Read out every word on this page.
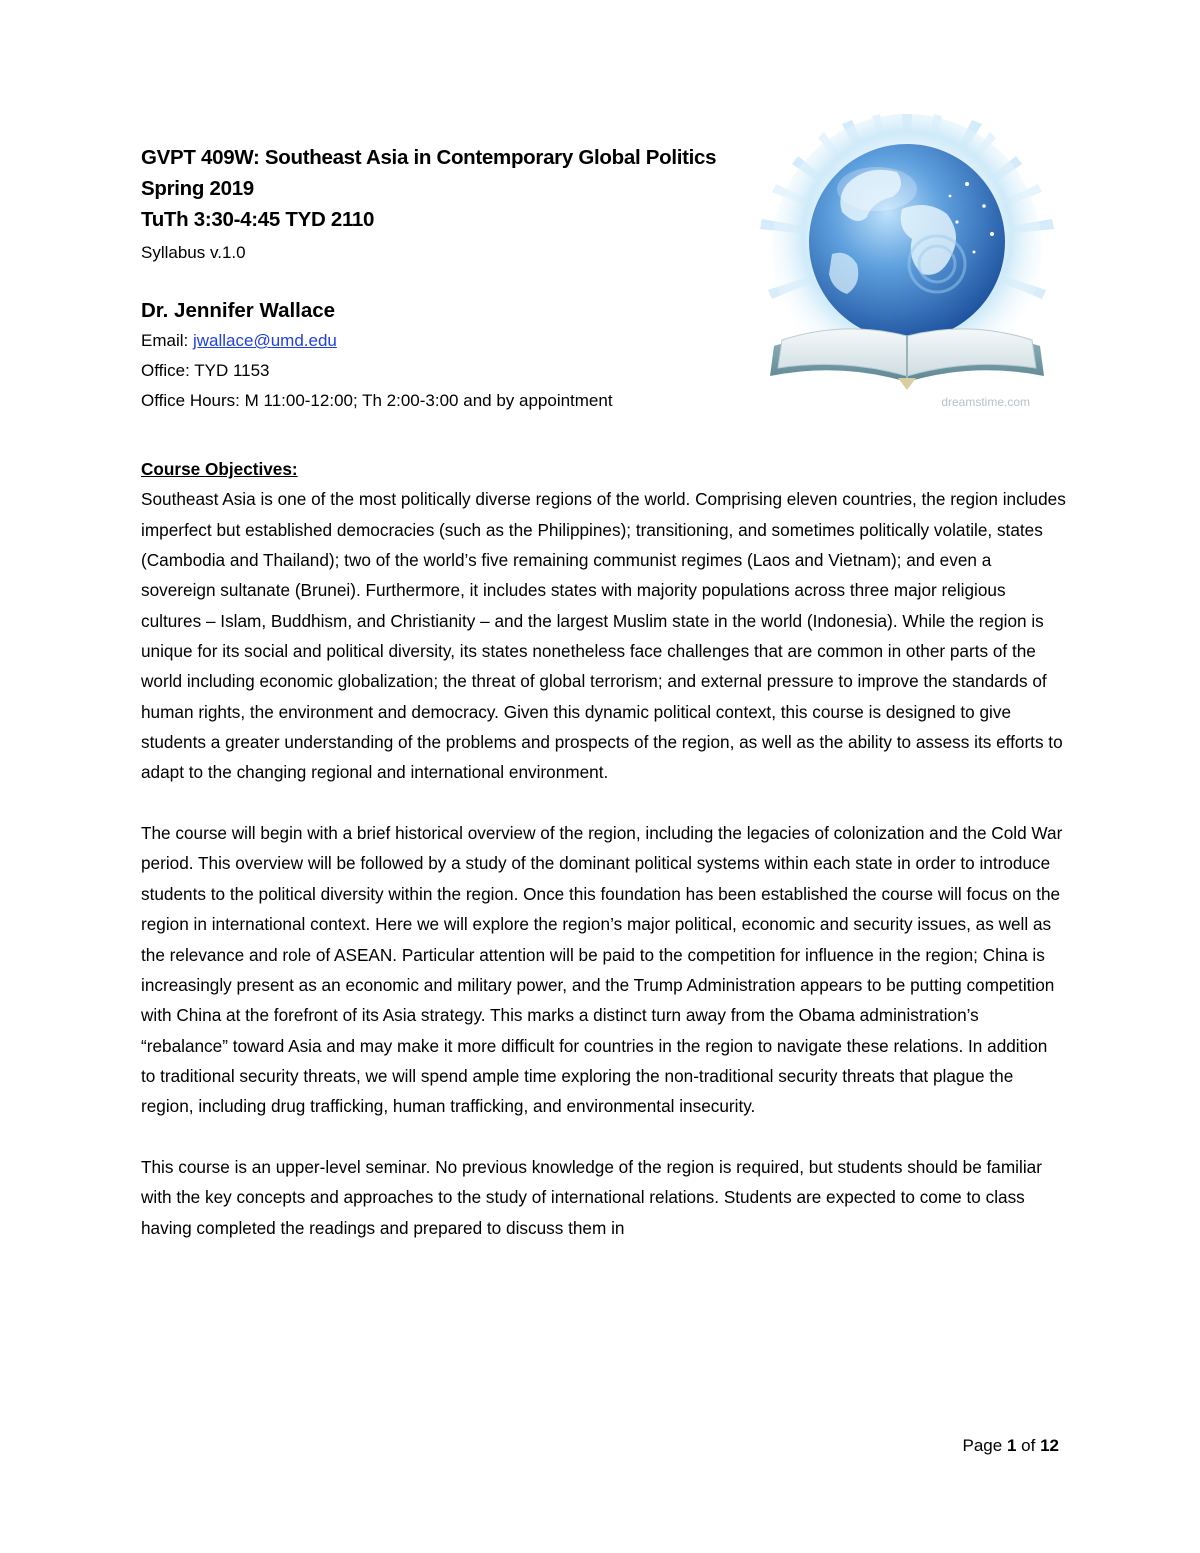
GVPT 409W: Southeast Asia in Contemporary Global Politics
Spring 2019
TuTh 3:30-4:45 TYD 2110
Syllabus v.1.0
Dr. Jennifer Wallace
Email: jwallace@umd.edu
Office: TYD 1153
Office Hours: M 11:00-12:00; Th 2:00-3:00 and by appointment	dreamstime.com
Course Objectives:

Southeast Asia is one of the most politically diverse regions of the world. Comprising eleven countries, the region includes imperfect but established democracies (such as the Philippines); transitioning, and sometimes politically volatile, states (Cambodia and Thailand); two of the world’s five remaining communist regimes (Laos and Vietnam); and even a sovereign sultanate (Brunei). Furthermore, it includes states with majority populations across three major religious cultures – Islam, Buddhism, and Christianity – and the largest Muslim state in the world (Indonesia). While the region is unique for its social and political diversity, its states nonetheless face challenges that are common in other parts of the world including economic globalization; the threat of global terrorism; and external pressure to improve the standards of human rights, the environment and democracy. Given this dynamic political context, this course is designed to give students a greater understanding of the problems and prospects of the region, as well as the ability to assess its efforts to adapt to the changing regional and international environment.

The course will begin with a brief historical overview of the region, including the legacies of colonization and the Cold War period. This overview will be followed by a study of the dominant political systems within each state in order to introduce students to the political diversity within the region. Once this foundation has been established the course will focus on the region in international context. Here we will explore the region’s major political, economic and security issues, as well as the relevance and role of ASEAN. Particular attention will be paid to the competition for influence in the region; China is increasingly present as an economic and military power, and the Trump Administration appears to be putting competition with China at the forefront of its Asia strategy. This marks a distinct turn away from the Obama administration’s “rebalance” toward Asia and may make it more difficult for countries in the region to navigate these relations. In addition to traditional security threats, we will spend ample time exploring the non-traditional security threats that plague the region, including drug trafficking, human trafficking, and environmental insecurity.

This course is an upper-level seminar. No previous knowledge of the region is required, but students should be familiar with the key concepts and approaches to the study of international relations. Students are expected to come to class having completed the readings and prepared to discuss them in

Page 1 of 12
